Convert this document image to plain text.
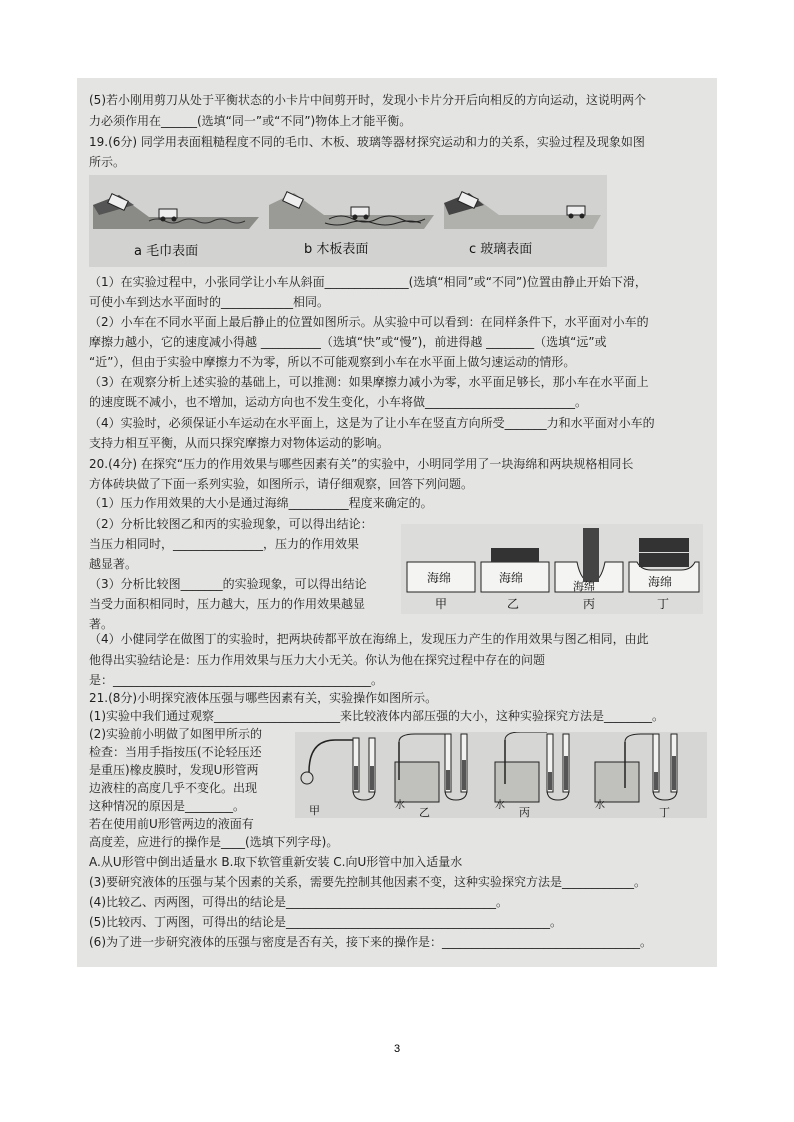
(5)若小刚用剪刀从处于平衡状态的小卡片中间剪开时，发现小卡片分开后向相反的方向运动，这说明两个
力必须作用在______(选填“同一”或“不同”)物体上才能平衡。
19.(6分) 同学用表面粗糙程度不同的毛巾、木板、玻璃等器材探究运动和力的关系，实验过程及现象如图
所示。
a 毛巾表面	b 木板表面	c 玻璃表面
（1）在实验过程中，小张同学让小车从斜面______________(选填“相同”或“不同”)位置由静止开始下滑，
可使小车到达水平面时的____________相同。
（2）小车在不同水平面上最后静止的位置如图所示。从实验中可以看到：在同样条件下，水平面对小车的
摩擦力越小，它的速度减小得越 __________（选填“快”或“慢”)，前进得越 ________（选填“远”或
“近”），但由于实验中摩擦力不为零，所以不可能观察到小车在水平面上做匀速运动的情形。
（3）在观察分析上述实验的基础上，可以推测：如果摩擦力减小为零，水平面足够长，那小车在水平面上
的速度既不减小，也不增加，运动方向也不发生变化，小车将做_________________________。
（4）实验时，必须保证小车运动在水平面上，这是为了让小车在竖直方向所受_______力和水平面对小车的
支持力相互平衡，从而只探究摩擦力对物体运动的影响。
20.(4分) 在探究“压力的作用效果与哪些因素有关”的实验中，小明同学用了一块海绵和两块规格相同长
方体砖块做了下面一系列实验，如图所示，请仔细观察，回答下列问题。
（1）压力作用效果的大小是通过海绵__________程度来确定的。
（2）分析比较图乙和丙的实验现象，可以得出结论：
当压力相同时，_______________，压力的作用效果
越显著。
（3）分析比较图_______的实验现象，可以得出结论
当受力面积相同时，压力越大，压力的作用效果越显
著。
海绵	海绵
海绵	海绵
甲	乙	丙	丁
（4）小健同学在做图丁的实验时，把两块砖都平放在海绵上，发现压力产生的作用效果与图乙相同，由此
他得出实验结论是：压力作用效果与压力大小无关。你认为他在探究过程中存在的问题
是：___________________________________________。
21.(8分)小明探究液体压强与哪些因素有关，实验操作如图所示。
(1)实验中我们通过观察_____________________来比较液体内部压强的大小，这种实验探究方法是________。
(2)实验前小明做了如图甲所示的
检查：当用手指按压(不论轻压还
是重压)橡皮膜时，发现U形管两
边液柱的高度几乎不变化。出现
这种情况的原因是________。
若在使用前U形管两边的液面有
高度差，应进行的操作是____(选填下列字母)。
甲	水
乙
水
丙
水
丁
A.从U形管中倒出适量水 B.取下软管重新安装 C.向U形管中加入适量水
(3)要研究液体的压强与某个因素的关系，需要先控制其他因素不变，这种实验探究方法是____________。
(4)比较乙、丙两图，可得出的结论是___________________________________。
(5)比较丙、丁两图，可得出的结论是____________________________________________。
(6)为了进一步研究液体的压强与密度是否有关，接下来的操作是：_________________________________。
3
